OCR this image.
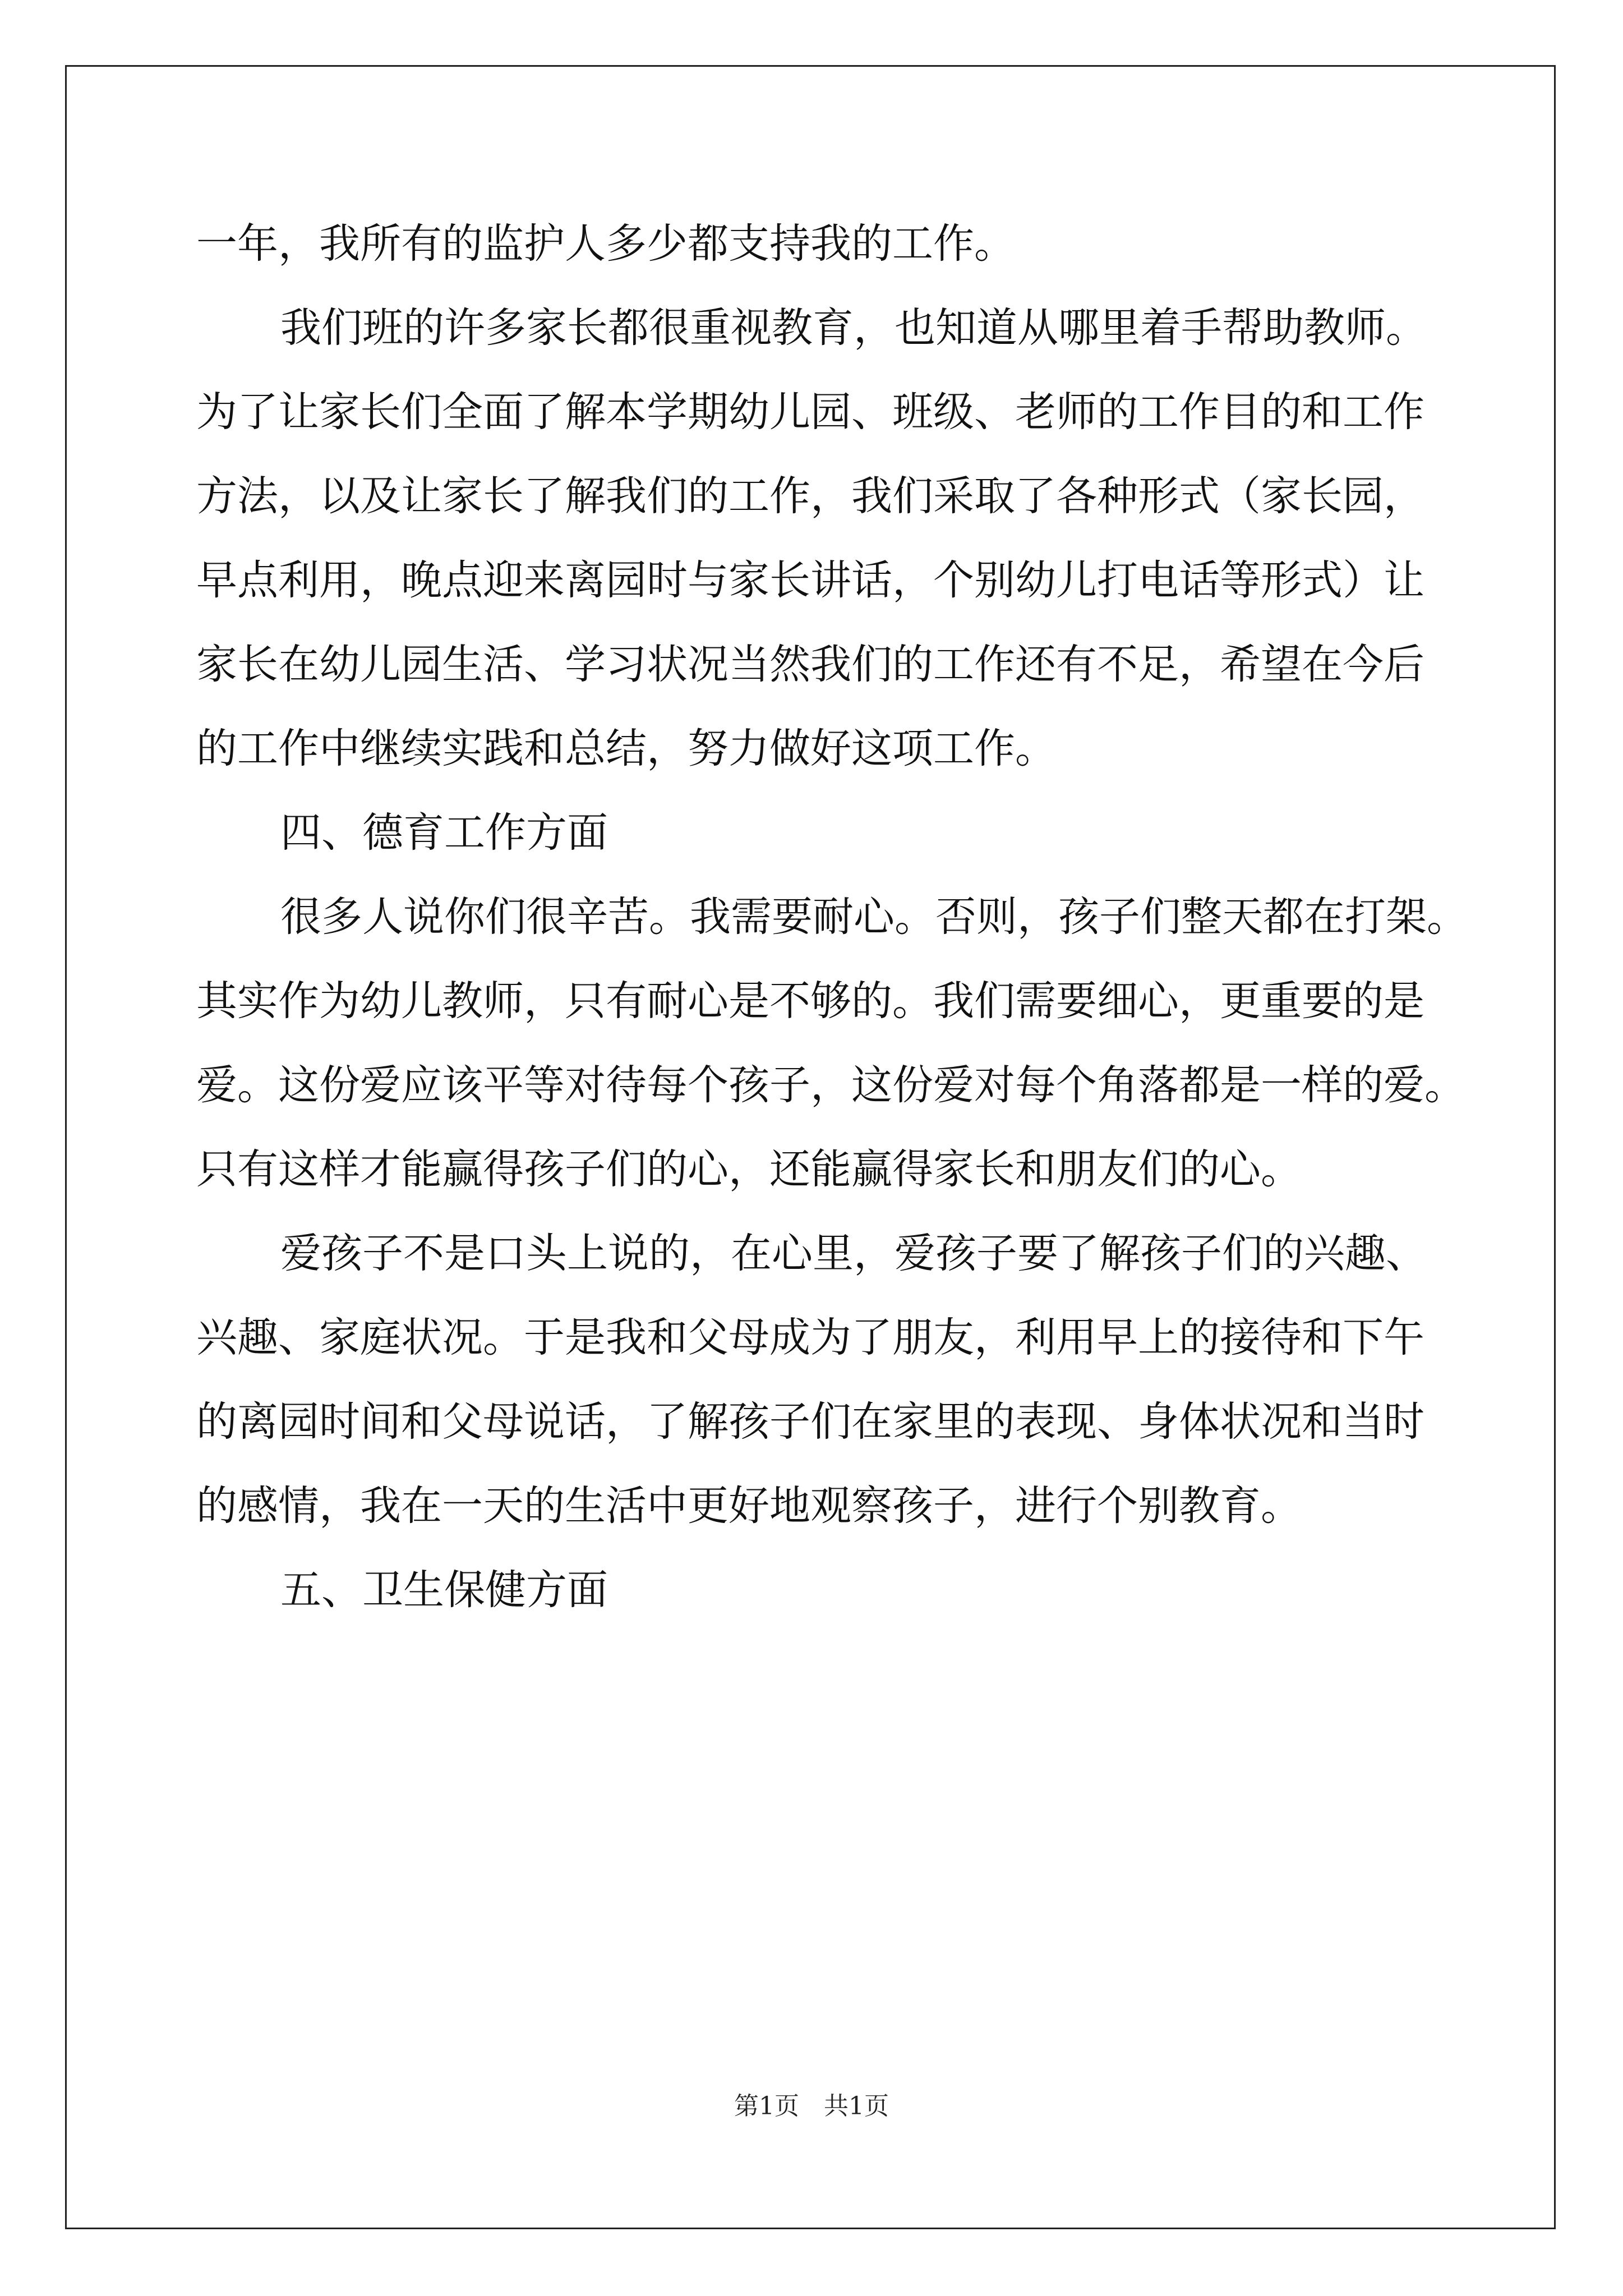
一年，我所有的监护人多少都支持我的工作。
我们班的许多家长都很重视教育，也知道从哪里着手帮助教师。
为了让家长们全面了解本学期幼儿园、班级、老师的工作目的和工作
方法，以及让家长了解我们的工作，我们采取了各种形式（家长园，
早点利用，晚点迎来离园时与家长讲话，个别幼儿打电话等形式）让
家长在幼儿园生活、学习状况当然我们的工作还有不足，希望在今后
的工作中继续实践和总结，努力做好这项工作。
四、德育工作方面
很多人说你们很辛苦。我需要耐心。否则，孩子们整天都在打架。
其实作为幼儿教师，只有耐心是不够的。我们需要细心，更重要的是
爱。这份爱应该平等对待每个孩子，这份爱对每个角落都是一样的爱。
只有这样才能赢得孩子们的心，还能赢得家长和朋友们的心。
爱孩子不是口头上说的，在心里，爱孩子要了解孩子们的兴趣、
兴趣、家庭状况。于是我和父母成为了朋友，利用早上的接待和下午
的离园时间和父母说话，了解孩子们在家里的表现、身体状况和当时
的感情，我在一天的生活中更好地观察孩子，进行个别教育。
五、卫生保健方面
第1页　共1页
